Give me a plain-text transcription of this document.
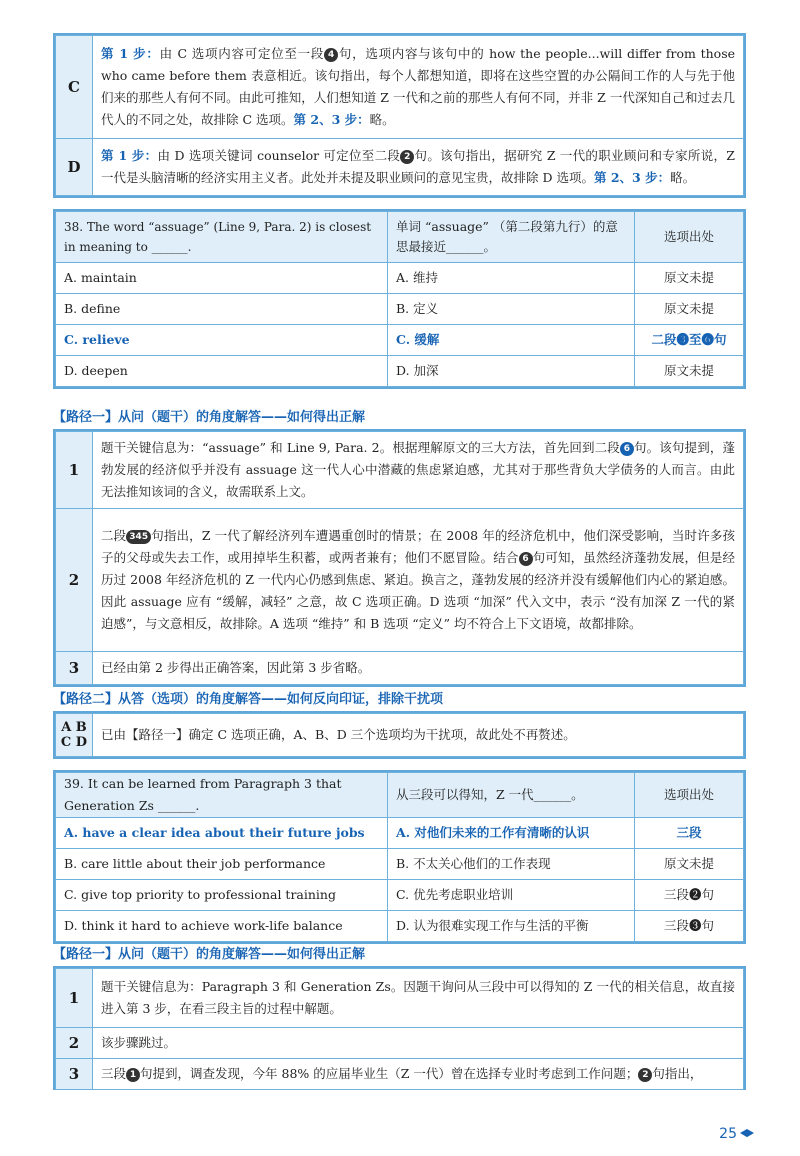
C	第 1 步：由 C 选项内容可定位至一段 4 句，选项内容与该句中的 how the people...will differ from those who came before them 表意相近。该句指出，每个人都想知道，即将在这些空置的办公隔间工作的人与先于他们来的那些人有何不同。由此可推知，人们想知道 Z 一代和之前的那些人有何不同，并非 Z 一代深知自己和过去几代人的不同之处，故排除 C 选项。第 2、3 步：略。
D	第 1 步：由 D 选项关键词 counselor 可定位至二段 2 句。该句指出，据研究 Z 一代的职业顾问和专家所说，Z 一代是头脑清晰的经济实用主义者。此处并未提及职业顾问的意见宝贵，故排除 D 选项。第 2、3 步：略。
38. The word “assuage” (Line 9, Para. 2) is closest in meaning to ______.	单词 “assuage” （第二段第九行）的意思最接近______。	选项出处
A. maintain	A. 维持	原文未提
B. define	B. 定义	原文未提
C. relieve	C. 缓解	二段❸至❻句
D. deepen	D. 加深	原文未提
【路径一】从问（题干）的角度解答——如何得出正解
1	题干关键信息为：“assuage” 和 Line 9, Para. 2。根据理解原文的三大方法，首先回到二段 6 句。该句提到，蓬勃发展的经济似乎并没有 assuage 这一代人心中潜藏的焦虑紧迫感，尤其对于那些背负大学债务的人而言。由此无法推知该词的含义，故需联系上文。
2	二段 345 句指出，Z 一代了解经济列车遭遇重创时的情景；在 2008 年的经济危机中，他们深受影响，当时许多孩子的父母或失去工作，或用掉毕生积蓄，或两者兼有；他们不愿冒险。结合 6 句可知，虽然经济蓬勃发展，但是经历过 2008 年经济危机的 Z 一代内心仍感到焦虑、紧迫。换言之，蓬勃发展的经济并没有缓解他们内心的紧迫感。因此 assuage 应有 “缓解，减轻” 之意，故 C 选项正确。D 选项 “加深” 代入文中，表示 “没有加深 Z 一代的紧迫感”，与文意相反，故排除。A 选项 “维持” 和 B 选项 “定义” 均不符合上下文语境，故都排除。
3	已经由第 2 步得出正确答案，因此第 3 步省略。
【路径二】从答（选项）的角度解答——如何反向印证，排除干扰项
A B
C D	已由【路径一】确定 C 选项正确，A、B、D 三个选项均为干扰项，故此处不再赘述。
39. It can be learned from Paragraph 3 that Generation Zs ______.	从三段可以得知，Z 一代______。	选项出处
A. have a clear idea about their future jobs	A. 对他们未来的工作有清晰的认识	三段
B. care little about their job performance	B. 不太关心他们的工作表现	原文未提
C. give top priority to professional training	C. 优先考虑职业培训	三段❷句
D. think it hard to achieve work-life balance	D. 认为很难实现工作与生活的平衡	三段❸句
【路径一】从问（题干）的角度解答——如何得出正解
1	题干关键信息为：Paragraph 3 和 Generation Zs。因题干询问从三段中可以得知的 Z 一代的相关信息，故直接进入第 3 步，在看三段主旨的过程中解题。
2	该步骤跳过。
3	三段 1 句提到，调查发现，今年 88% 的应届毕业生（Z 一代）曾在选择专业时考虑到工作问题； 2 句指出，
25
